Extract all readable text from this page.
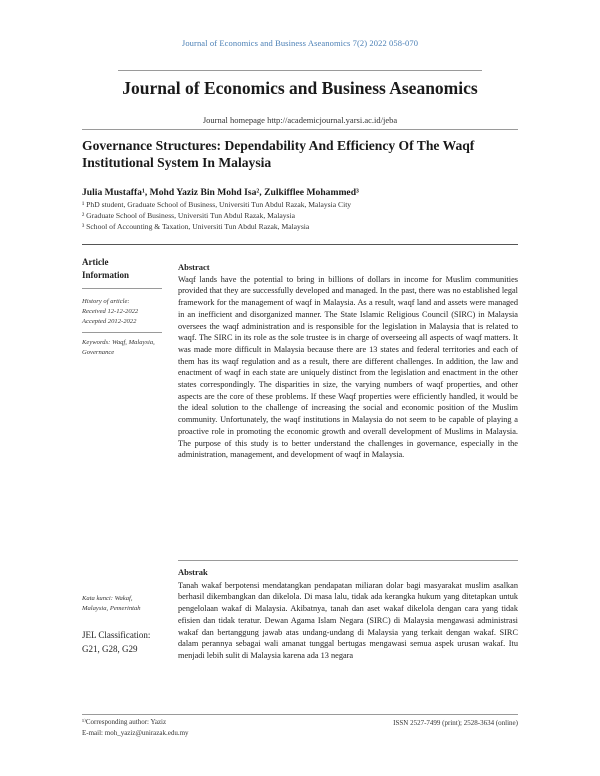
Journal of Economics and Business Aseanomics 7(2) 2022 058-070
Journal of Economics and Business Aseanomics
Journal homepage http://academicjournal.yarsi.ac.id/jeba
Governance Structures: Dependability And Efficiency Of The Waqf Institutional System In Malaysia
Julia Mustaffa¹, Mohd Yaziz Bin Mohd Isa², Zulkifflee Mohammed³
¹ PhD student, Graduate School of Business, Universiti Tun Abdul Razak, Malaysia City
² Graduate School of Business, Universiti Tun Abdul Razak, Malaysia
³ School of Accounting & Taxation, Universiti Tun Abdul Razak, Malaysia
Article Information
History of article:
Received 12-12-2022
Accepted 2012-2022
Keywords: Waqf, Malaysia, Governance
Abstract
Waqf lands have the potential to bring in billions of dollars in income for Muslim communities provided that they are successfully developed and managed. In the past, there was no established legal framework for the management of waqf in Malaysia. As a result, waqf land and assets were managed in an inefficient and disorganized manner. The State Islamic Religious Council (SIRC) in Malaysia oversees the waqf administration and is responsible for the legislation in Malaysia that is related to waqf. The SIRC in its role as the sole trustee is in charge of overseeing all aspects of waqf matters. It was made more difficult in Malaysia because there are 13 states and federal territories and each of them has its waqf regulation and as a result, there are different challenges. In addition, the law and enactment of waqf in each state are uniquely distinct from the legislation and enactment in the other states correspondingly. The disparities in size, the varying numbers of waqf properties, and other aspects are the core of these problems. If these Waqf properties were efficiently handled, it would be the ideal solution to the challenge of increasing the social and economic position of the Muslim community. Unfortunately, the waqf institutions in Malaysia do not seem to be capable of playing a proactive role in promoting the economic growth and overall development of Muslims in Malaysia. The purpose of this study is to better understand the challenges in governance, especially in the administration, management, and development of waqf in Malaysia.
Abstrak
Tanah wakaf berpotensi mendatangkan pendapatan miliaran dolar bagi masyarakat muslim asalkan berhasil dikembangkan dan dikelola. Di masa lalu, tidak ada kerangka hukum yang ditetapkan untuk pengelolaan wakaf di Malaysia. Akibatnya, tanah dan aset wakaf dikelola dengan cara yang tidak efisien dan tidak teratur. Dewan Agama Islam Negara (SIRC) di Malaysia mengawasi administrasi wakaf dan bertanggung jawab atas undang-undang di Malaysia yang terkait dengan wakaf. SIRC dalam perannya sebagai wali amanat tunggal bertugas mengawasi semua aspek urusan wakaf. Itu menjadi lebih sulit di Malaysia karena ada 13 negara
Kata kunci: Wakaf, Malaysia, Pemerintah
JEL Classification: G21, G28, G29
¹⁾Corresponding author: Yaziz
E-mail: moh_yaziz@unirazak.edu.my
ISSN 2527-7499 (print); 2528-3634 (online)
